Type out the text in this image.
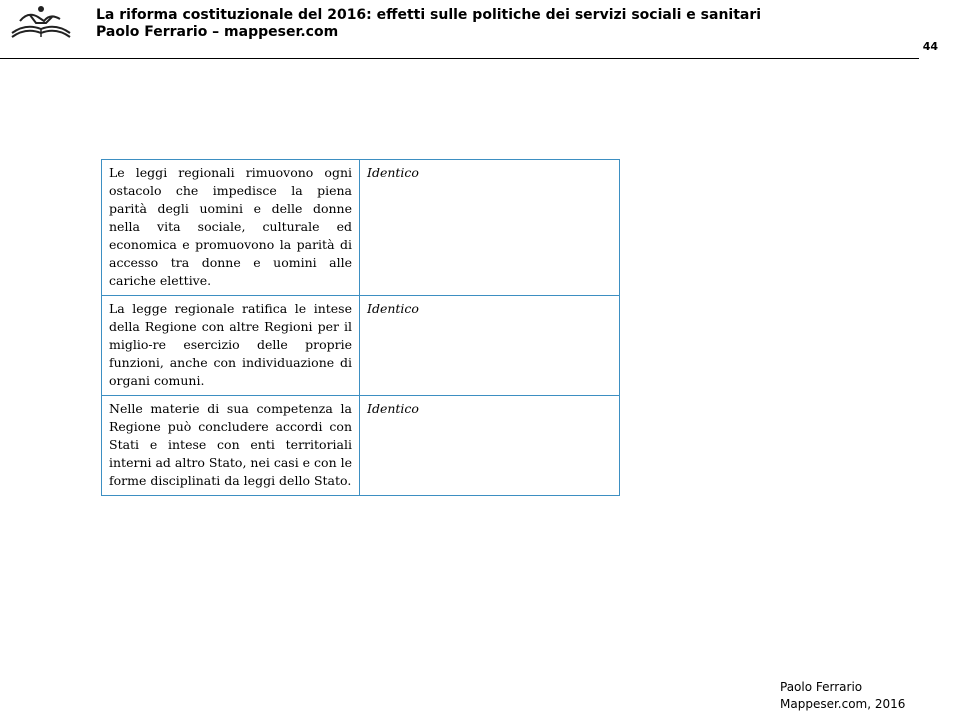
La riforma costituzionale del 2016: effetti sulle politiche dei servizi sociali e sanitari
Paolo Ferrario – mappeser.com
44
Le leggi regionali rimuovono ogni ostacolo che impedisce la piena parità degli uomini e delle donne nella vita sociale, culturale ed economica e promuovono la parità di accesso tra donne e uomini alle cariche elettive.	Identico
La legge regionale ratifica le intese della Regione con altre Regioni per il miglio-re esercizio delle proprie funzioni, anche con individuazione di organi comuni.	Identico
Nelle materie di sua competenza la Regione può concludere accordi con Stati e intese con enti territoriali interni ad altro Stato, nei casi e con le forme disciplinati da leggi dello Stato.	Identico
Paolo Ferrario
Mappeser.com, 2016
